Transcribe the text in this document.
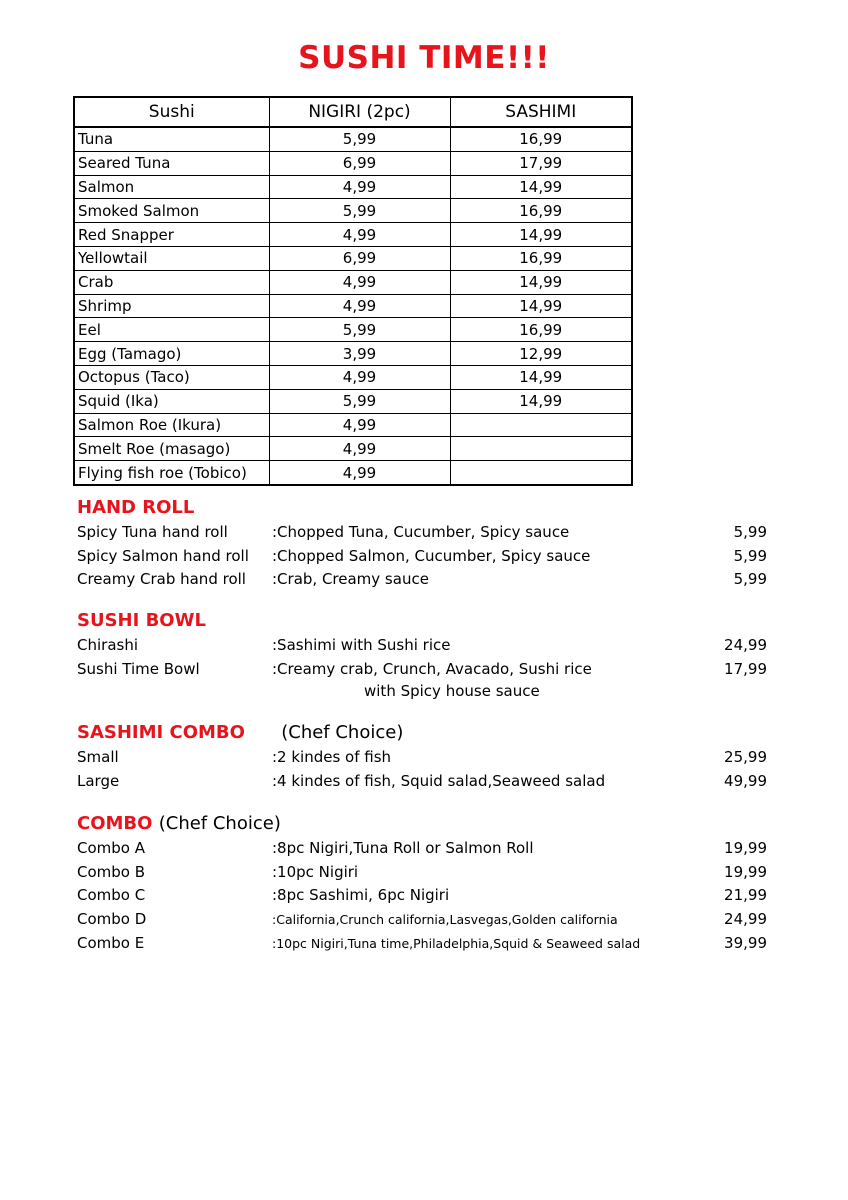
SUSHI TIME!!!
Sushi	NIGIRI (2pc)	SASHIMI
Tuna	5,99	16,99
Seared Tuna	6,99	17,99
Salmon	4,99	14,99
Smoked Salmon	5,99	16,99
Red Snapper	4,99	14,99
Yellowtail	6,99	16,99
Crab	4,99	14,99
Shrimp	4,99	14,99
Eel	5,99	16,99
Egg (Tamago)	3,99	12,99
Octopus (Taco)	4,99	14,99
Squid (Ika)	5,99	14,99
Salmon Roe (Ikura)	4,99	
Smelt Roe (masago)	4,99	
Flying fish roe (Tobico)	4,99	
HAND ROLL
Spicy Tuna hand roll	:Chopped Tuna, Cucumber, Spicy sauce	5,99
Spicy Salmon hand roll :Chopped Salmon, Cucumber, Spicy sauce	5,99
Creamy Crab hand roll :Crab, Creamy sauce	5,99
SUSHI BOWL
Chirashi	:Sashimi with Sushi rice	24,99
Sushi Time Bowl	:Creamy crab, Crunch, Avacado, Sushi rice	17,99
with Spicy house sauce
SASHIMI COMBO (Chef Choice)
Small	:2 kindes of fish	25,99
Large	:4 kindes of fish, Squid salad,Seaweed salad	49,99
COMBO (Chef Choice)
Combo A	:8pc Nigiri,Tuna Roll or Salmon Roll	19,99
Combo B	:10pc Nigiri	19,99
Combo C	:8pc Sashimi, 6pc Nigiri	21,99
Combo D	:California,Crunch california,Lasvegas,Golden california	24,99
Combo E	:10pc Nigiri,Tuna time,Philadelphia,Squid & Seaweed salad	39,99
